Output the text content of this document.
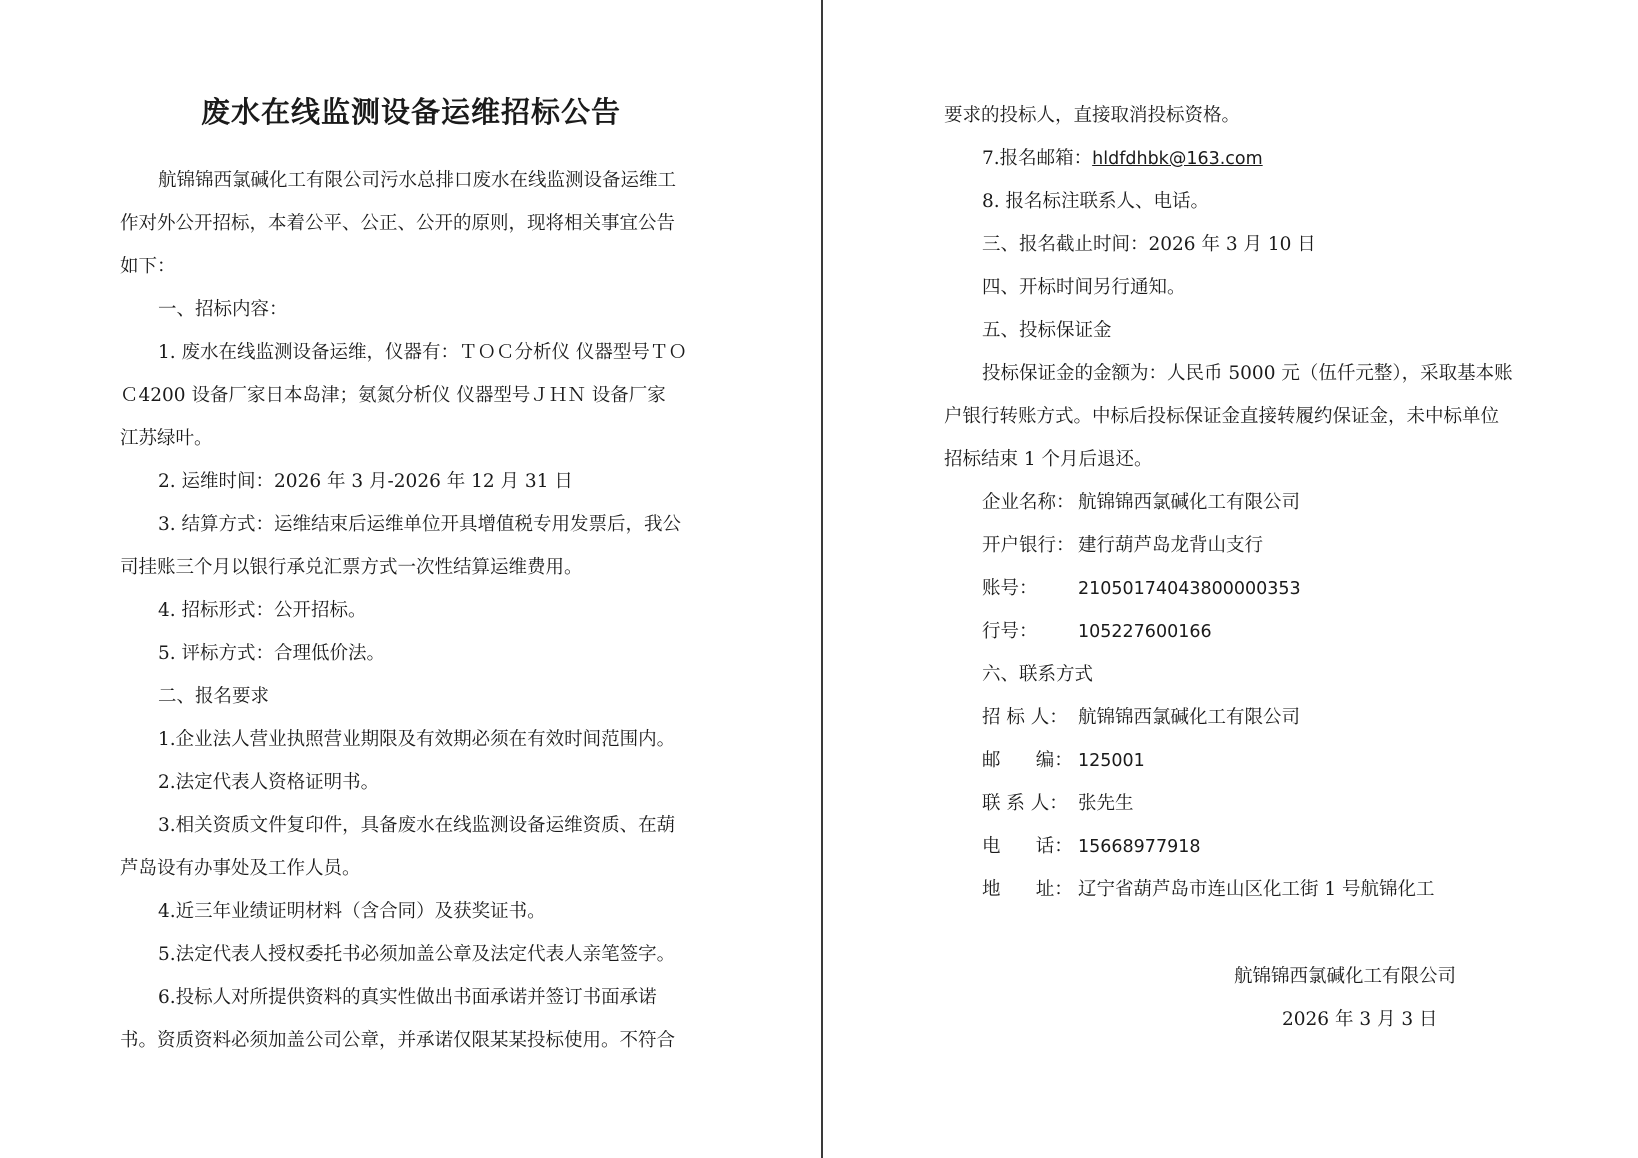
废水在线监测设备运维招标公告
航锦锦西氯碱化工有限公司污水总排口废水在线监测设备运维工
作对外公开招标，本着公平、公正、公开的原则，现将相关事宜公告
如下：
一、招标内容：
1. 废水在线监测设备运维，仪器有：ＴＯＣ分析仪 仪器型号ＴＯ
Ｃ4200 设备厂家日本岛津；氨氮分析仪 仪器型号ＪＨＮ 设备厂家
江苏绿叶。
2. 运维时间：2026 年 3 月-2026 年 12 月 31 日
3. 结算方式：运维结束后运维单位开具增值税专用发票后，我公
司挂账三个月以银行承兑汇票方式一次性结算运维费用。
4. 招标形式：公开招标。
5. 评标方式：合理低价法。
二、报名要求
1.企业法人营业执照营业期限及有效期必须在有效时间范围内。
2.法定代表人资格证明书。
3.相关资质文件复印件，具备废水在线监测设备运维资质、在葫
芦岛设有办事处及工作人员。
4.近三年业绩证明材料（含合同）及获奖证书。
5.法定代表人授权委托书必须加盖公章及法定代表人亲笔签字。
6.投标人对所提供资料的真实性做出书面承诺并签订书面承诺
书。资质资料必须加盖公司公章，并承诺仅限某某投标使用。不符合
要求的投标人，直接取消投标资格。
7.报名邮箱：hldfdhbk@163.com
8. 报名标注联系人、电话。
三、报名截止时间：2026 年 3 月 10 日
四、开标时间另行通知。
五、投标保证金
投标保证金的金额为：人民币 5000 元（伍仟元整），采取基本账
户银行转账方式。中标后投标保证金直接转履约保证金，未中标单位
招标结束 1 个月后退还。
企业名称： 航锦锦西氯碱化工有限公司
开户银行： 建行葫芦岛龙背山支行
账号： 21050174043800000353
行号： 105227600166
六、联系方式
招 标 人： 航锦锦西氯碱化工有限公司
邮      编： 125001
联 系 人： 张先生
电      话： 15668977918
地      址： 辽宁省葫芦岛市连山区化工街 1 号航锦化工
航锦锦西氯碱化工有限公司
2026 年 3 月 3 日
